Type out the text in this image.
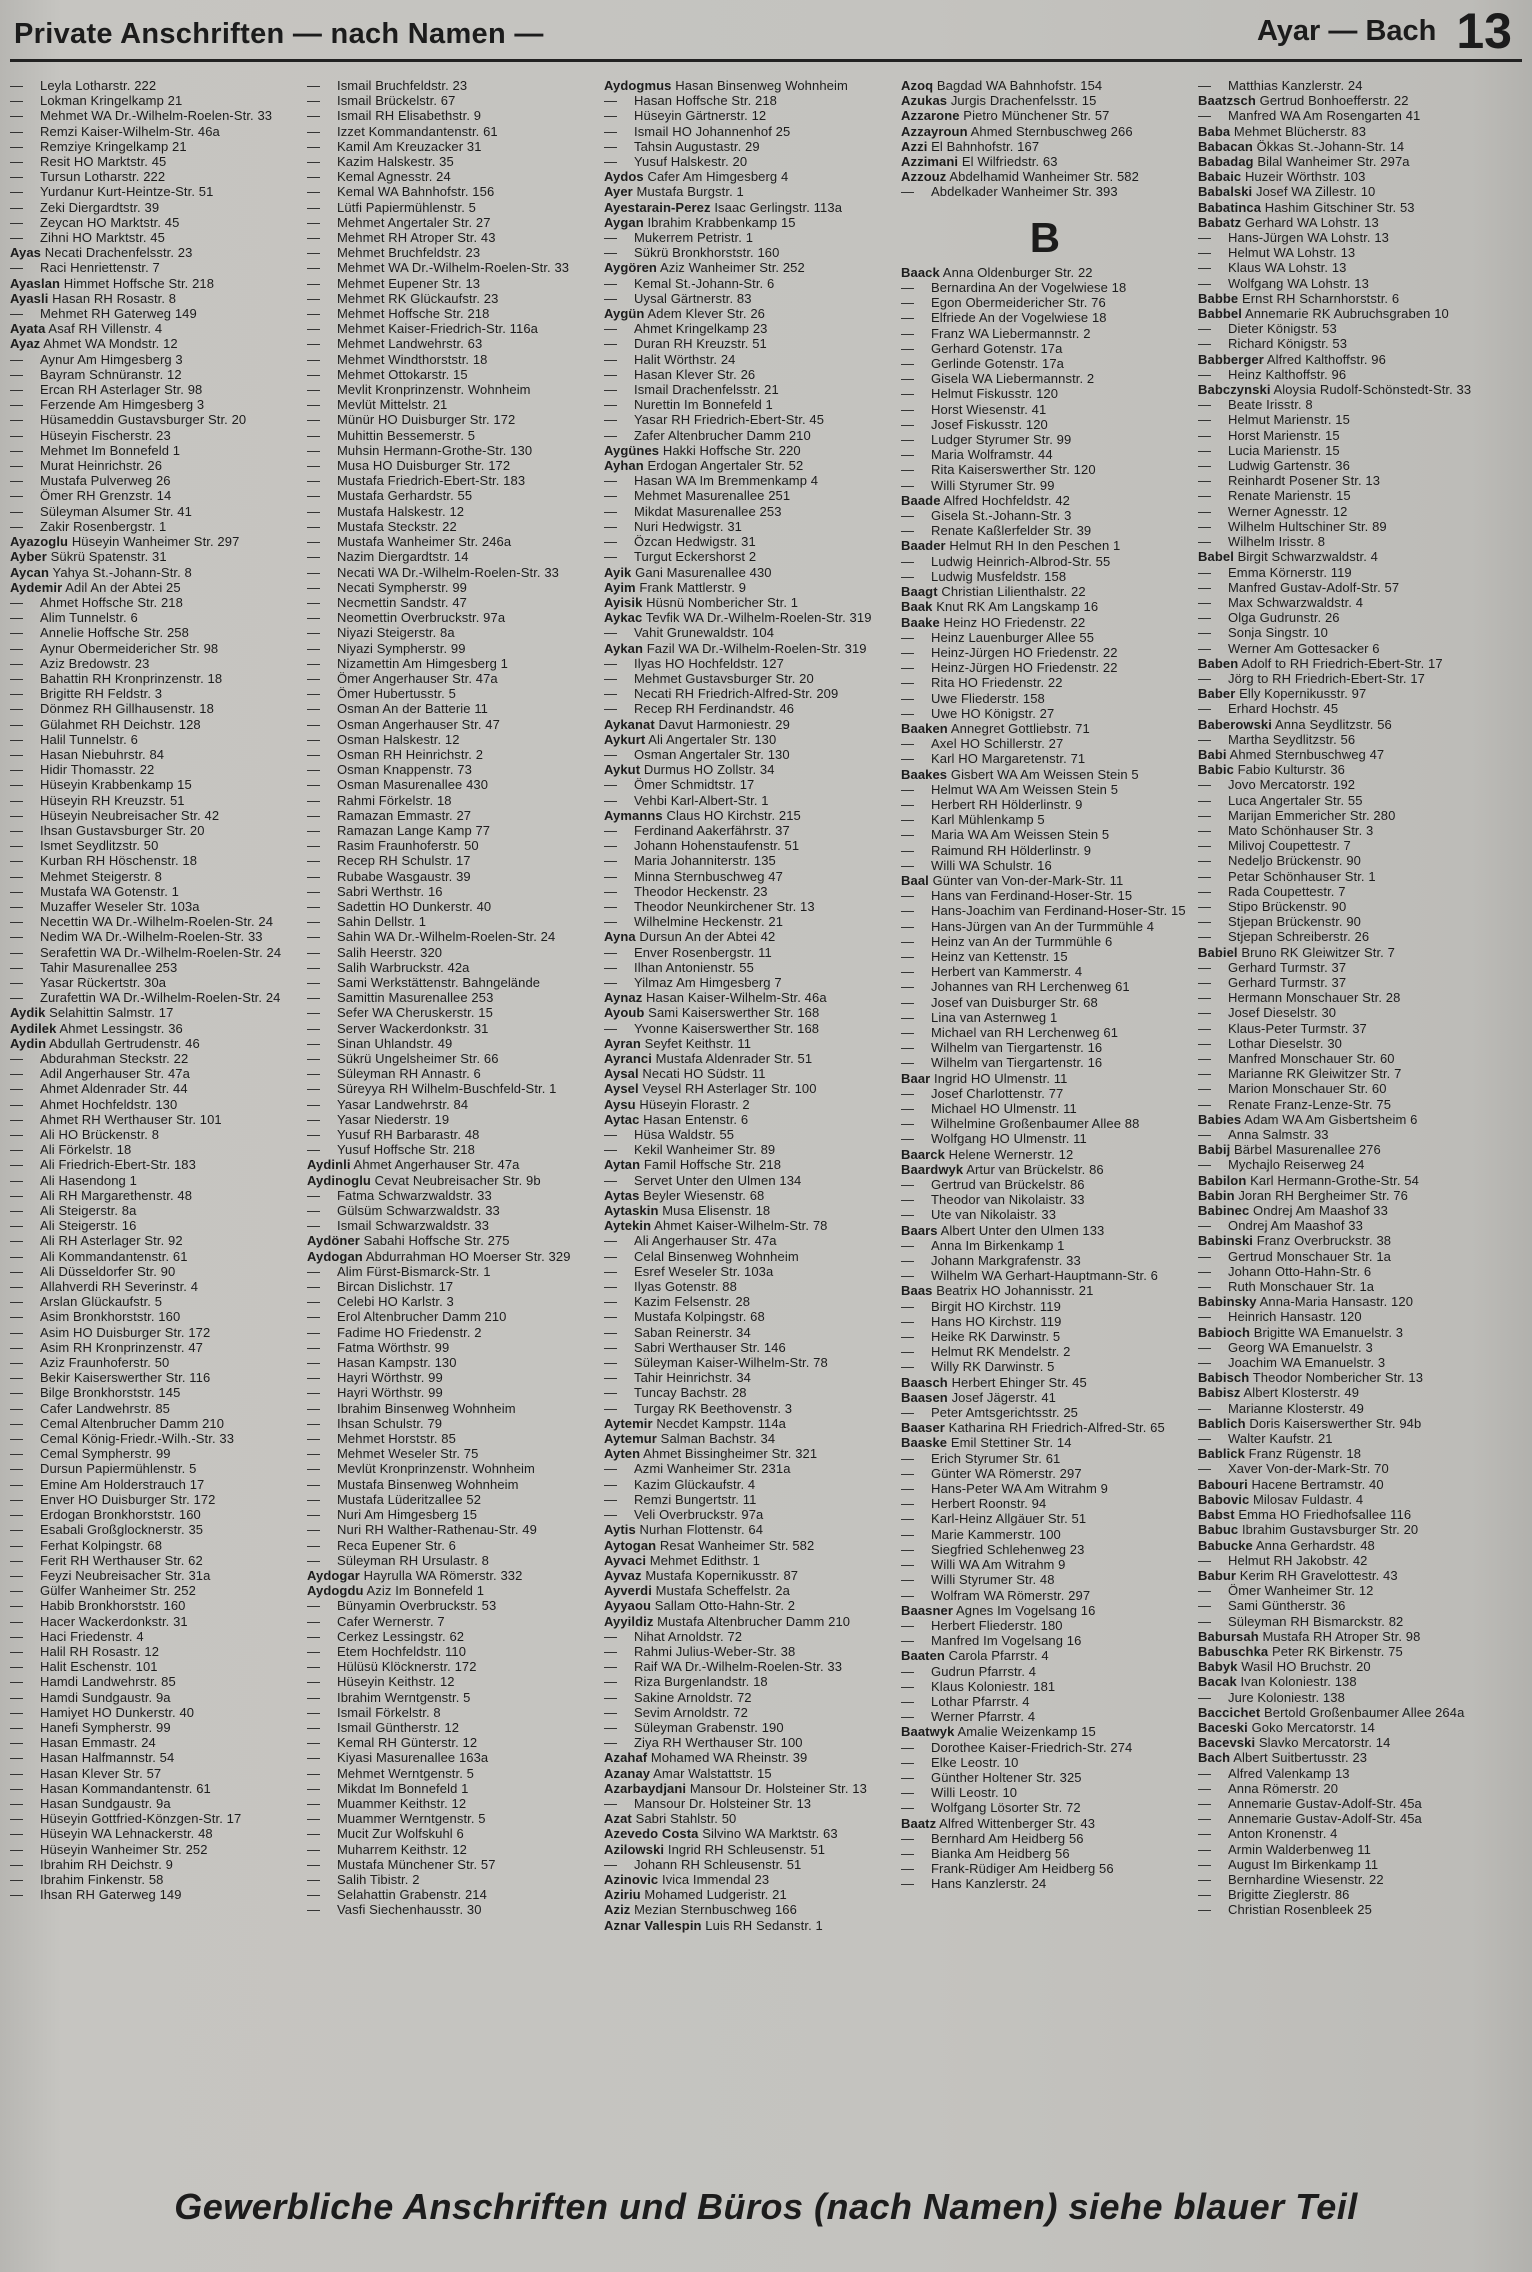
Private Anschriften — nach Namen —	Ayar — Bach 13
— Leyla Lotharstr. 222
— Lokman Kringelkamp 21
— Mehmet WA Dr.-Wilhelm-Roelen-Str. 33
— Remzi Kaiser-Wilhelm-Str. 46a
— Remziye Kringelkamp 21
— Resit HO Marktstr. 45
— Tursun Lotharstr. 222
— Yurdanur Kurt-Heintze-Str. 51
— Zeki Diergardtstr. 39
— Zeycan HO Marktstr. 45
— Zihni HO Marktstr. 45
Ayas Necati Drachenfelsstr. 23
— Raci Henriettenstr. 7
Ayaslan Himmet Hoffsche Str. 218
Ayasli Hasan RH Rosastr. 8
— Mehmet RH Gaterweg 149
Ayata Asaf RH Villenstr. 4
Ayaz Ahmet WA Mondstr. 12
— Aynur Am Himgesberg 3
— Bayram Schnüranstr. 12
— Ercan RH Asterlager Str. 98
— Ferzende Am Himgesberg 3
— Hüsameddin Gustavsburger Str. 20
— Hüseyin Fischerstr. 23
— Mehmet Im Bonnefeld 1
— Murat Heinrichstr. 26
— Mustafa Pulverweg 26
— Ömer RH Grenzstr. 14
— Süleyman Alsumer Str. 41
— Zakir Rosenbergstr. 1
Ayazoglu Hüseyin Wanheimer Str. 297
Ayber Sükrü Spatenstr. 31
Aycan Yahya St.-Johann-Str. 8
Aydemir Adil An der Abtei 25
— Ahmet Hoffsche Str. 218
— Alim Tunnelstr. 6
— Annelie Hoffsche Str. 258
— Aynur Obermeidericher Str. 98
— Aziz Bredowstr. 23
— Bahattin RH Kronprinzenstr. 18
— Brigitte RH Feldstr. 3
— Dönmez RH Gillhausenstr. 18
— Gülahmet RH Deichstr. 128
— Halil Tunnelstr. 6
— Hasan Niebuhrstr. 84
— Hidir Thomasstr. 22
— Hüseyin Krabbenkamp 15
— Hüseyin RH Kreuzstr. 51
— Hüseyin Neubreisacher Str. 42
— Ihsan Gustavsburger Str. 20
— Ismet Seydlitzstr. 50
— Kurban RH Höschenstr. 18
— Mehmet Steigerstr. 8
— Mustafa WA Gotenstr. 1
— Muzaffer Weseler Str. 103a
— Necettin WA Dr.-Wilhelm-Roelen-Str. 24
— Nedim WA Dr.-Wilhelm-Roelen-Str. 33
— Serafettin WA Dr.-Wilhelm-Roelen-Str. 24
— Tahir Masurenallee 253
— Yasar Rückertstr. 30a
— Zurafettin WA Dr.-Wilhelm-Roelen-Str. 24
Aydik Selahittin Salmstr. 17
Aydilek Ahmet Lessingstr. 36
Aydin Abdullah Gertrudenstr. 46
— Abdurahman Steckstr. 22
— Adil Angerhauser Str. 47a
— Ahmet Aldenrader Str. 44
— Ahmet Hochfeldstr. 130
— Ahmet RH Werthauser Str. 101
— Ali HO Brückenstr. 8
— Ali Förkelstr. 18
— Ali Friedrich-Ebert-Str. 183
— Ali Hasendong 1
— Ali RH Margarethenstr. 48
— Ali Steigerstr. 8a
— Ali Steigerstr. 16
— Ali RH Asterlager Str. 92
— Ali Kommandantenstr. 61
— Ali Düsseldorfer Str. 90
— Allahverdi RH Severinstr. 4
— Arslan Glückaufstr. 5
— Asim Bronkhorststr. 160
— Asim HO Duisburger Str. 172
— Asim RH Kronprinzenstr. 47
— Aziz Fraunhoferstr. 50
— Bekir Kaiserswerther Str. 116
— Bilge Bronkhorststr. 145
— Cafer Landwehrstr. 85
— Cemal Altenbrucher Damm 210
— Cemal König-Friedr.-Wilh.-Str. 33
— Cemal Sympherstr. 99
— Dursun Papiermühlenstr. 5
— Emine Am Holderstrauch 17
— Enver HO Duisburger Str. 172
— Erdogan Bronkhorststr. 160
— Esabali Großglocknerstr. 35
— Ferhat Kolpingstr. 68
— Ferit RH Werthauser Str. 62
— Feyzi Neubreisacher Str. 31a
— Gülfer Wanheimer Str. 252
— Habib Bronkhorststr. 160
— Hacer Wackerdonkstr. 31
— Haci Friedenstr. 4
— Halil RH Rosastr. 12
— Halit Eschenstr. 101
— Hamdi Landwehrstr. 85
— Hamdi Sundgaustr. 9a
— Hamiyet HO Dunkerstr. 40
— Hanefi Sympherstr. 99
— Hasan Emmastr. 24
— Hasan Halfmannstr. 54
— Hasan Klever Str. 57
— Hasan Kommandantenstr. 61
— Hasan Sundgaustr. 9a
— Hüseyin Gottfried-Könzgen-Str. 17
— Hüseyin WA Lehnackerstr. 48
— Hüseyin Wanheimer Str. 252
— Ibrahim RH Deichstr. 9
— Ibrahim Finkenstr. 58
— Ihsan RH Gaterweg 149
— Ismail Bruchfeldstr. 23
— Ismail Brückelstr. 67
— Ismail RH Elisabethstr. 9
— Izzet Kommandantenstr. 61
— Kamil Am Kreuzacker 31
— Kazim Halskestr. 35
— Kemal Agnesstr. 24
— Kemal WA Bahnhofstr. 156
— Lütfi Papiermühlenstr. 5
— Mehmet Angertaler Str. 27
— Mehmet RH Atroper Str. 43
— Mehmet Bruchfeldstr. 23
— Mehmet WA Dr.-Wilhelm-Roelen-Str. 33
— Mehmet Eupener Str. 13
— Mehmet RK Glückaufstr. 23
— Mehmet Hoffsche Str. 218
— Mehmet Kaiser-Friedrich-Str. 116a
— Mehmet Landwehrstr. 63
— Mehmet Windthorststr. 18
— Mehmet Ottokarstr. 15
— Mevlit Kronprinzenstr. Wohnheim
— Mevlüt Mittelstr. 21
— Münür HO Duisburger Str. 172
— Muhittin Bessemerstr. 5
— Muhsin Hermann-Grothe-Str. 130
— Musa HO Duisburger Str. 172
— Mustafa Friedrich-Ebert-Str. 183
— Mustafa Gerhardstr. 55
— Mustafa Halskestr. 12
— Mustafa Steckstr. 22
— Mustafa Wanheimer Str. 246a
— Nazim Diergardtstr. 14
— Necati WA Dr.-Wilhelm-Roelen-Str. 33
— Necati Sympherstr. 99
— Necmettin Sandstr. 47
— Neomettin Overbruckstr. 97a
— Niyazi Steigerstr. 8a
— Niyazi Sympherstr. 99
— Nizamettin Am Himgesberg 1
— Ömer Angerhauser Str. 47a
— Ömer Hubertusstr. 5
— Osman An der Batterie 11
— Osman Angerhauser Str. 47
— Osman Halskestr. 12
— Osman RH Heinrichstr. 2
— Osman Knappenstr. 73
— Osman Masurenallee 430
— Rahmi Förkelstr. 18
— Ramazan Emmastr. 27
— Ramazan Lange Kamp 77
— Rasim Fraunhoferstr. 50
— Recep RH Schulstr. 17
— Rubabe Wasgaustr. 39
— Sabri Werthstr. 16
— Sadettin HO Dunkerstr. 40
— Sahin Dellstr. 1
— Sahin WA Dr.-Wilhelm-Roelen-Str. 24
— Salih Heerstr. 320
— Salih Warbruckstr. 42a
— Sami Werkstättenstr. Bahngelände
— Samittin Masurenallee 253
— Sefer WA Cheruskerstr. 15
— Server Wackerdonkstr. 31
— Sinan Uhlandstr. 49
— Sükrü Ungelsheimer Str. 66
— Süleyman RH Annastr. 6
— Süreyya RH Wilhelm-Buschfeld-Str. 1
— Yasar Landwehrstr. 84
— Yasar Niederstr. 19
— Yusuf RH Barbarastr. 48
— Yusuf Hoffsche Str. 218
Aydinli Ahmet Angerhauser Str. 47a
Aydinoglu Cevat Neubreisacher Str. 9b
— Fatma Schwarzwaldstr. 33
— Gülsüm Schwarzwaldstr. 33
— Ismail Schwarzwaldstr. 33
Aydöner Sabahi Hoffsche Str. 275
Aydogan Abdurrahman HO Moerser Str. 329
— Alim Fürst-Bismarck-Str. 1
— Bircan Dislichstr. 17
— Celebi HO Karlstr. 3
— Erol Altenbrucher Damm 210
— Fadime HO Friedenstr. 2
— Fatma Wörthstr. 99
— Hasan Kampstr. 130
— Hayri Wörthstr. 99
— Hayri Wörthstr. 99
— Ibrahim Binsenweg Wohnheim
— Ihsan Schulstr. 79
— Mehmet Horststr. 85
— Mehmet Weseler Str. 75
— Mevlüt Kronprinzenstr. Wohnheim
— Mustafa Binsenweg Wohnheim
— Mustafa Lüderitzallee 52
— Nuri Am Himgesberg 15
— Nuri RH Walther-Rathenau-Str. 49
— Reca Eupener Str. 6
— Süleyman RH Ursulastr. 8
Aydogar Hayrulla WA Römerstr. 332
Aydogdu Aziz Im Bonnefeld 1
— Bünyamin Overbruckstr. 53
— Cafer Wernerstr. 7
— Cerkez Lessingstr. 62
— Etem Hochfeldstr. 110
— Hülüsü Klöcknerstr. 172
— Hüseyin Keithstr. 12
— Ibrahim Werntgenstr. 5
— Ismail Förkelstr. 8
— Ismail Güntherstr. 12
— Kemal RH Günterstr. 12
— Kiyasi Masurenallee 163a
— Mehmet Werntgenstr. 5
— Mikdat Im Bonnefeld 1
— Muammer Keithstr. 12
— Muammer Werntgenstr. 5
— Mucit Zur Wolfskuhl 6
— Muharrem Keithstr. 12
— Mustafa Münchener Str. 57
— Salih Tibistr. 2
— Selahattin Grabenstr. 214
— Vasfi Siechenhausstr. 30
Aydogmus Hasan Binsenweg Wohnheim
— Hasan Hoffsche Str. 218
— Hüseyin Gärtnerstr. 12
— Ismail HO Johannenhof 25
— Tahsin Augustastr. 29
— Yusuf Halskestr. 20
Aydos Cafer Am Himgesberg 4
Ayer Mustafa Burgstr. 1
Ayestarain-Perez Isaac Gerlingstr. 113a
Aygan Ibrahim Krabbenkamp 15
— Mukerrem Petristr. 1
— Sükrü Bronkhorststr. 160
Aygören Aziz Wanheimer Str. 252
— Kemal St.-Johann-Str. 6
— Uysal Gärtnerstr. 83
Aygün Adem Klever Str. 26
— Ahmet Kringelkamp 23
— Duran RH Kreuzstr. 51
— Halit Wörthstr. 24
— Hasan Klever Str. 26
— Ismail Drachenfelsstr. 21
— Nurettin Im Bonnefeld 1
— Yasar RH Friedrich-Ebert-Str. 45
— Zafer Altenbrucher Damm 210
Aygünes Hakki Hoffsche Str. 220
Ayhan Erdogan Angertaler Str. 52
— Hasan WA Im Bremmenkamp 4
— Mehmet Masurenallee 251
— Mikdat Masurenallee 253
— Nuri Hedwigstr. 31
— Özcan Hedwigstr. 31
— Turgut Eckershorst 2
Ayik Gani Masurenallee 430
Ayim Frank Mattlerstr. 9
Ayisik Hüsnü Nombericher Str. 1
Aykac Tevfik WA Dr.-Wilhelm-Roelen-Str. 319
— Vahit Grunewaldstr. 104
Aykan Fazil WA Dr.-Wilhelm-Roelen-Str. 319
— Ilyas HO Hochfeldstr. 127
— Mehmet Gustavsburger Str. 20
— Necati RH Friedrich-Alfred-Str. 209
— Recep RH Ferdinandstr. 46
Aykanat Davut Harmoniestr. 29
Aykurt Ali Angertaler Str. 130
— Osman Angertaler Str. 130
Aykut Durmus HO Zollstr. 34
— Ömer Schmidtstr. 17
— Vehbi Karl-Albert-Str. 1
Aymanns Claus HO Kirchstr. 215
— Ferdinand Aakerfährstr. 37
— Johann Hohenstaufenstr. 51
— Maria Johanniterstr. 135
— Minna Sternbuschweg 47
— Theodor Heckenstr. 23
— Theodor Neunkirchener Str. 13
— Wilhelmine Heckenstr. 21
Ayna Dursun An der Abtei 42
— Enver Rosenbergstr. 11
— Ilhan Antonienstr. 55
— Yilmaz Am Himgesberg 7
Aynaz Hasan Kaiser-Wilhelm-Str. 46a
Ayoub Sami Kaiserswerther Str. 168
— Yvonne Kaiserswerther Str. 168
Ayran Seyfet Keithstr. 11
Ayranci Mustafa Aldenrader Str. 51
Aysal Necati HO Südstr. 11
Aysel Veysel RH Asterlager Str. 100
Aysu Hüseyin Florastr. 2
Aytac Hasan Entenstr. 6
— Hüsa Waldstr. 55
— Kekil Wanheimer Str. 89
Aytan Famil Hoffsche Str. 218
— Servet Unter den Ulmen 134
Aytas Beyler Wiesenstr. 68
Aytaskin Musa Elisenstr. 18
Aytekin Ahmet Kaiser-Wilhelm-Str. 78
— Ali Angerhauser Str. 47a
— Celal Binsenweg Wohnheim
— Esref Weseler Str. 103a
— Ilyas Gotenstr. 88
— Kazim Felsenstr. 28
— Mustafa Kolpingstr. 68
— Saban Reinerstr. 34
— Sabri Werthauser Str. 146
— Süleyman Kaiser-Wilhelm-Str. 78
— Tahir Heinrichstr. 34
— Tuncay Bachstr. 28
— Turgay RK Beethovenstr. 3
Aytemir Necdet Kampstr. 114a
Aytemur Salman Bachstr. 34
Ayten Ahmet Bissingheimer Str. 321
— Azmi Wanheimer Str. 231a
— Kazim Glückaufstr. 4
— Remzi Bungertstr. 11
— Veli Overbruckstr. 97a
Aytis Nurhan Flottenstr. 64
Aytogan Resat Wanheimer Str. 582
Ayvaci Mehmet Edithstr. 1
Ayvaz Mustafa Kopernikusstr. 87
Ayverdi Mustafa Scheffelstr. 2a
Ayyaou Sallam Otto-Hahn-Str. 2
Ayyildiz Mustafa Altenbrucher Damm 210
— Nihat Arnoldstr. 72
— Rahmi Julius-Weber-Str. 38
— Raif WA Dr.-Wilhelm-Roelen-Str. 33
— Riza Burgenlandstr. 18
— Sakine Arnoldstr. 72
— Sevim Arnoldstr. 72
— Süleyman Grabenstr. 190
— Ziya RH Werthauser Str. 100
Azahaf Mohamed WA Rheinstr. 39
Azanay Amar Walstattstr. 15
Azarbaydjani Mansour Dr. Holsteiner Str. 13
— Mansour Dr. Holsteiner Str. 13
Azat Sabri Stahlstr. 50
Azevedo Costa Silvino WA Marktstr. 63
Azilowski Ingrid RH Schleusenstr. 51
— Johann RH Schleusenstr. 51
Azinovic Ivica Immendal 23
Aziriu Mohamed Ludgeristr. 21
Aziz Mezian Sternbuschweg 166
Aznar Vallespin Luis RH Sedanstr. 1
Azoq Bagdad WA Bahnhofstr. 154
Azukas Jurgis Drachenfelsstr. 15
Azzarone Pietro Münchener Str. 57
Azzayroun Ahmed Sternbuschweg 266
Azzi El Bahnhofstr. 167
Azzimani El Wilfriedstr. 63
Azzouz Abdelhamid Wanheimer Str. 582
— Abdelkader Wanheimer Str. 393
B
Baack Anna Oldenburger Str. 22
— Bernardina An der Vogelwiese 18
— Egon Obermeidericher Str. 76
— Elfriede An der Vogelwiese 18
— Franz WA Liebermannstr. 2
— Gerhard Gotenstr. 17a
— Gerlinde Gotenstr. 17a
— Gisela WA Liebermannstr. 2
— Helmut Fiskusstr. 120
— Horst Wiesenstr. 41
— Josef Fiskusstr. 120
— Ludger Styrumer Str. 99
— Maria Wolframstr. 44
— Rita Kaiserswerther Str. 120
— Willi Styrumer Str. 99
Baade Alfred Hochfeldstr. 42
— Gisela St.-Johann-Str. 3
— Renate Kaßlerfelder Str. 39
Baader Helmut RH In den Peschen 1
— Ludwig Heinrich-Albrod-Str. 55
— Ludwig Musfeldstr. 158
Baagt Christian Lilienthalstr. 22
Baak Knut RK Am Langskamp 16
Baake Heinz HO Friedenstr. 22
— Heinz Lauenburger Allee 55
— Heinz-Jürgen HO Friedenstr. 22
— Heinz-Jürgen HO Friedenstr. 22
— Rita HO Friedenstr. 22
— Uwe Fliederstr. 158
— Uwe HO Königstr. 27
Baaken Annegret Gottliebstr. 71
— Axel HO Schillerstr. 27
— Karl HO Margaretenstr. 71
Baakes Gisbert WA Am Weissen Stein 5
— Helmut WA Am Weissen Stein 5
— Herbert RH Hölderlinstr. 9
— Karl Mühlenkamp 5
— Maria WA Am Weissen Stein 5
— Raimund RH Hölderlinstr. 9
— Willi WA Schulstr. 16
Baal Günter van Von-der-Mark-Str. 11
— Hans van Ferdinand-Hoser-Str. 15
— Hans-Joachim van Ferdinand-Hoser-Str. 15
— Hans-Jürgen van An der Turmmühle 4
— Heinz van An der Turmmühle 6
— Heinz van Kettenstr. 15
— Herbert van Kammerstr. 4
— Johannes van RH Lerchenweg 61
— Josef van Duisburger Str. 68
— Lina van Asternweg 1
— Michael van RH Lerchenweg 61
— Wilhelm van Tiergartenstr. 16
— Wilhelm van Tiergartenstr. 16
Baar Ingrid HO Ulmenstr. 11
— Josef Charlottenstr. 77
— Michael HO Ulmenstr. 11
— Wilhelmine Großenbaumer Allee 88
— Wolfgang HO Ulmenstr. 11
Baarck Helene Wernerstr. 12
Baardwyk Artur van Brückelstr. 86
— Gertrud van Brückelstr. 86
— Theodor van Nikolaistr. 33
— Ute van Nikolaistr. 33
Baars Albert Unter den Ulmen 133
— Anna Im Birkenkamp 1
— Johann Markgrafenstr. 33
— Wilhelm WA Gerhart-Hauptmann-Str. 6
Baas Beatrix HO Johannisstr. 21
— Birgit HO Kirchstr. 119
— Hans HO Kirchstr. 119
— Heike RK Darwinstr. 5
— Helmut RK Mendelstr. 2
— Willy RK Darwinstr. 5
Baasch Herbert Ehinger Str. 45
Baasen Josef Jägerstr. 41
— Peter Amtsgerichtsstr. 25
Baaser Katharina RH Friedrich-Alfred-Str. 65
Baaske Emil Stettiner Str. 14
— Erich Styrumer Str. 61
— Günter WA Römerstr. 297
— Hans-Peter WA Am Witrahm 9
— Herbert Roonstr. 94
— Karl-Heinz Allgäuer Str. 51
— Marie Kammerstr. 100
— Siegfried Schlehenweg 23
— Willi WA Am Witrahm 9
— Willi Styrumer Str. 48
— Wolfram WA Römerstr. 297
Baasner Agnes Im Vogelsang 16
— Herbert Fliederstr. 180
— Manfred Im Vogelsang 16
Baaten Carola Pfarrstr. 4
— Gudrun Pfarrstr. 4
— Klaus Koloniestr. 181
— Lothar Pfarrstr. 4
— Werner Pfarrstr. 4
Baatwyk Amalie Weizenkamp 15
— Dorothee Kaiser-Friedrich-Str. 274
— Elke Leostr. 10
— Günther Holtener Str. 325
— Willi Leostr. 10
— Wolfgang Lösorter Str. 72
Baatz Alfred Wittenberger Str. 43
— Bernhard Am Heidberg 56
— Bianka Am Heidberg 56
— Frank-Rüdiger Am Heidberg 56
— Hans Kanzlerstr. 24
— Matthias Kanzlerstr. 24
Baatzsch Gertrud Bonhoefferstr. 22
— Manfred WA Am Rosengarten 41
Baba Mehmet Blücherstr. 83
Babacan Ökkas St.-Johann-Str. 14
Babadag Bilal Wanheimer Str. 297a
Babaic Huzeir Wörthstr. 103
Babalski Josef WA Zillestr. 10
Babatinca Hashim Gitschiner Str. 53
Babatz Gerhard WA Lohstr. 13
— Hans-Jürgen WA Lohstr. 13
— Helmut WA Lohstr. 13
— Klaus WA Lohstr. 13
— Wolfgang WA Lohstr. 13
Babbe Ernst RH Scharnhorststr. 6
Babbel Annemarie RK Aubruchsgraben 10
— Dieter Königstr. 53
— Richard Königstr. 53
Babberger Alfred Kalthoffstr. 96
— Heinz Kalthoffstr. 96
Babczynski Aloysia Rudolf-Schönstedt-Str. 33
— Beate Irisstr. 8
— Helmut Marienstr. 15
— Horst Marienstr. 15
— Lucia Marienstr. 15
— Ludwig Gartenstr. 36
— Reinhardt Posener Str. 13
— Renate Marienstr. 15
— Werner Agnesstr. 12
— Wilhelm Hultschiner Str. 89
— Wilhelm Irisstr. 8
Babel Birgit Schwarzwaldstr. 4
— Emma Körnerstr. 119
— Manfred Gustav-Adolf-Str. 57
— Max Schwarzwaldstr. 4
— Olga Gudrunstr. 26
— Sonja Singstr. 10
— Werner Am Gottesacker 6
Baben Adolf to RH Friedrich-Ebert-Str. 17
— Jörg to RH Friedrich-Ebert-Str. 17
Baber Elly Kopernikusstr. 97
— Erhard Hochstr. 45
Baberowski Anna Seydlitzstr. 56
— Martha Seydlitzstr. 56
Babi Ahmed Sternbuschweg 47
Babic Fabio Kulturstr. 36
— Jovo Mercatorstr. 192
— Luca Angertaler Str. 55
— Marijan Emmericher Str. 280
— Mato Schönhauser Str. 3
— Milivoj Coupettestr. 7
— Nedeljo Brückenstr. 90
— Petar Schönhauser Str. 1
— Rada Coupettestr. 7
— Stipo Brückenstr. 90
— Stjepan Brückenstr. 90
— Stjepan Schreiberstr. 26
Babiel Bruno RK Gleiwitzer Str. 7
— Gerhard Turmstr. 37
— Gerhard Turmstr. 37
— Hermann Monschauer Str. 28
— Josef Dieselstr. 30
— Klaus-Peter Turmstr. 37
— Lothar Dieselstr. 30
— Manfred Monschauer Str. 60
— Marianne RK Gleiwitzer Str. 7
— Marion Monschauer Str. 60
— Renate Franz-Lenze-Str. 75
Babies Adam WA Am Gisbertsheim 6
— Anna Salmstr. 33
Babij Bärbel Masurenallee 276
— Mychajlo Reiserweg 24
Babilon Karl Hermann-Grothe-Str. 54
Babin Joran RH Bergheimer Str. 76
Babinec Ondrej Am Maashof 33
— Ondrej Am Maashof 33
Babinski Franz Overbruckstr. 38
— Gertrud Monschauer Str. 1a
— Johann Otto-Hahn-Str. 6
— Ruth Monschauer Str. 1a
Babinsky Anna-Maria Hansastr. 120
— Heinrich Hansastr. 120
Babioch Brigitte WA Emanuelstr. 3
— Georg WA Emanuelstr. 3
— Joachim WA Emanuelstr. 3
Babisch Theodor Nombericher Str. 13
Babisz Albert Klosterstr. 49
— Marianne Klosterstr. 49
Bablich Doris Kaiserswerther Str. 94b
— Walter Kaufstr. 21
Bablick Franz Rügenstr. 18
— Xaver Von-der-Mark-Str. 70
Babouri Hacene Bertramstr. 40
Babovic Milosav Fuldastr. 4
Babst Emma HO Friedhofsallee 116
Babuc Ibrahim Gustavsburger Str. 20
Babucke Anna Gerhardstr. 48
— Helmut RH Jakobstr. 42
Babur Kerim RH Gravelottestr. 43
— Ömer Wanheimer Str. 12
— Sami Güntherstr. 36
— Süleyman RH Bismarckstr. 82
Babursah Mustafa RH Atroper Str. 98
Babuschka Peter RK Birkenstr. 75
Babyk Wasil HO Bruchstr. 20
Bacak Ivan Koloniestr. 138
— Jure Koloniestr. 138
Baccichet Bertold Großenbaumer Allee 264a
Baceski Goko Mercatorstr. 14
Bacevski Slavko Mercatorstr. 14
Bach Albert Suitbertusstr. 23
— Alfred Valenkamp 13
— Anna Römerstr. 20
— Annemarie Gustav-Adolf-Str. 45a
— Annemarie Gustav-Adolf-Str. 45a
— Anton Kronenstr. 4
— Armin Walderbenweg 11
— August Im Birkenkamp 11
— Bernhardine Wiesenstr. 22
— Brigitte Zieglerstr. 86
— Christian Rosenbleek 25
Gewerbliche Anschriften und Büros (nach Namen) siehe blauer Teil
